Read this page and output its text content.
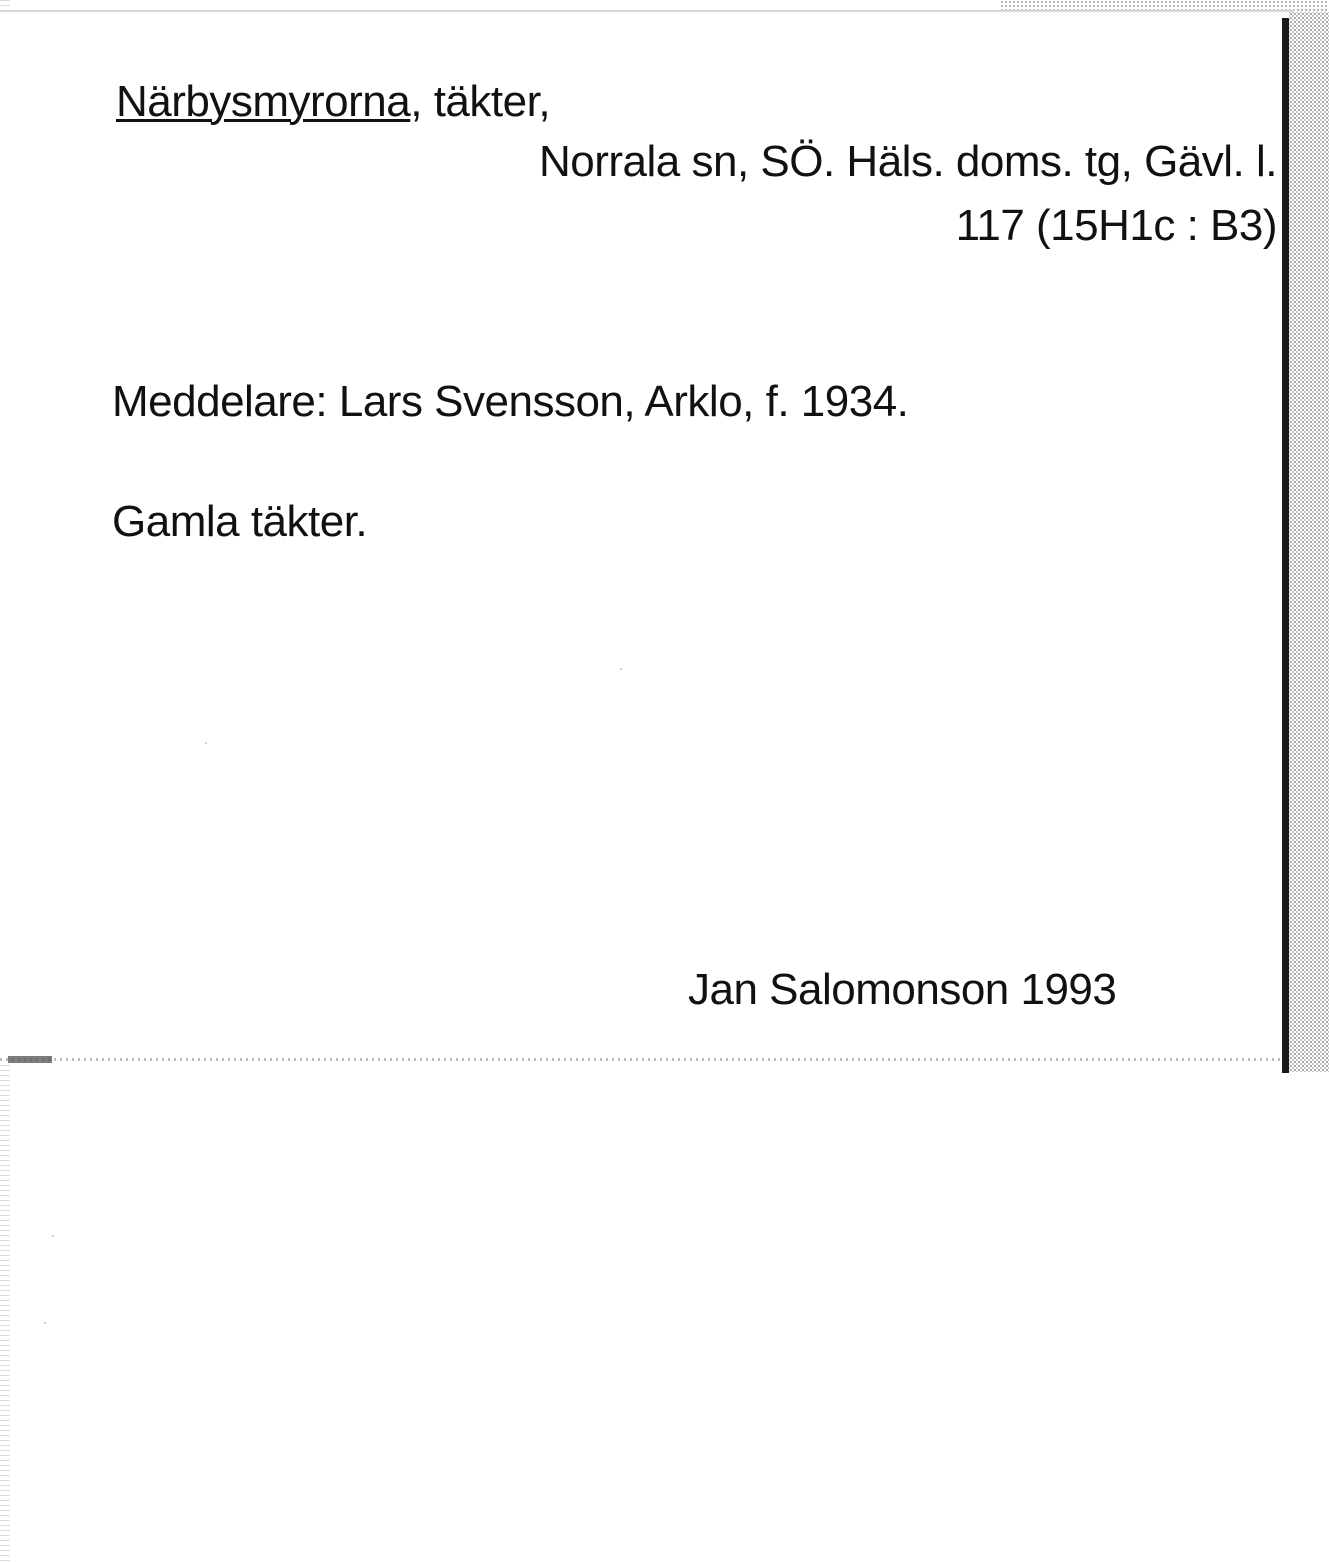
Närbysmyrorna, täkter,
Norrala sn, SÖ. Häls. doms. tg, Gävl. l.
117 (15H1c : B3)
Meddelare: Lars Svensson, Arklo, f. 1934.
Gamla täkter.
Jan Salomonson 1993
